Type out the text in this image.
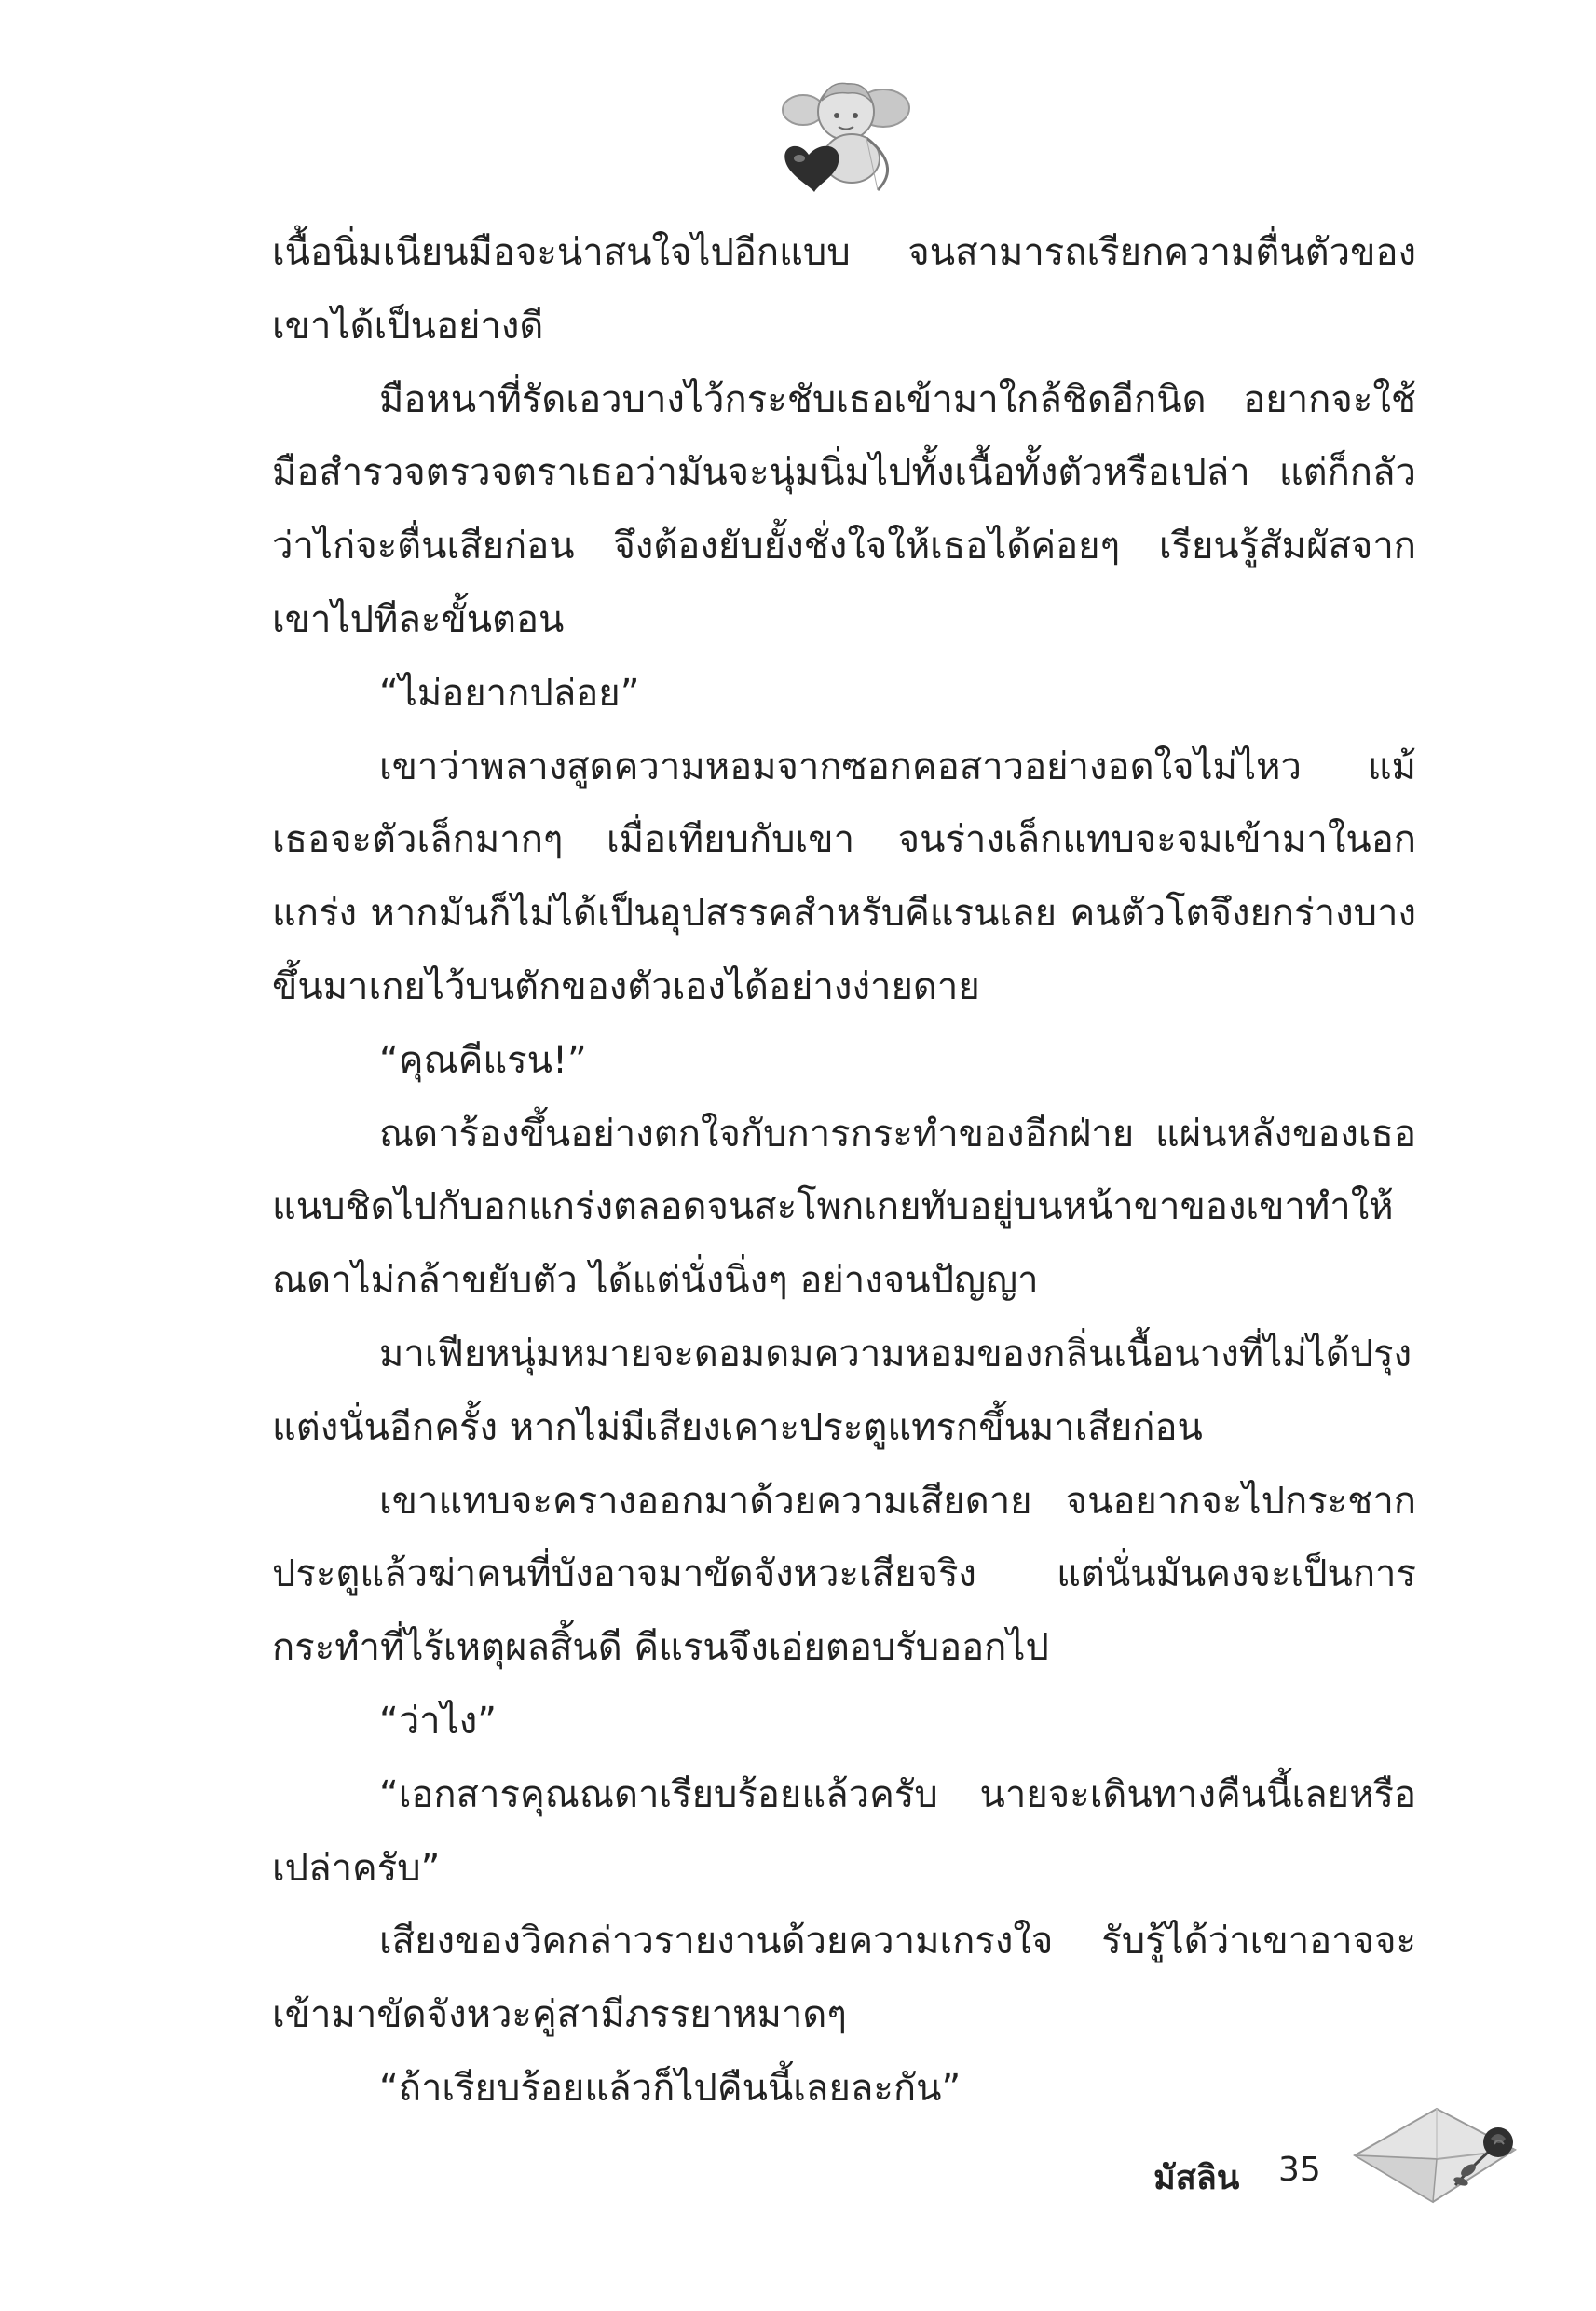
เนื้อนิ่มเนียนมือจะน่าสนใจไปอีกแบบ จนสามารถเรียกความตื่นตัวของเขาได้เป็นอย่างดี

มือหนาที่รัดเอวบางไว้กระชับเธอเข้ามาใกล้ชิดอีกนิด อยากจะใช้มือสำรวจตรวจตราเธอว่ามันจะนุ่มนิ่มไปทั้งเนื้อทั้งตัวหรือเปล่า แต่ก็กลัวว่าไก่จะตื่นเสียก่อน จึงต้องยับยั้งชั่งใจให้เธอได้ค่อยๆ เรียนรู้สัมผัสจากเขาไปทีละขั้นตอน

“ไม่อยากปล่อย”

เขาว่าพลางสูดความหอมจากซอกคอสาวอย่างอดใจไม่ไหว แม้เธอจะตัวเล็กมากๆ เมื่อเทียบกับเขา จนร่างเล็กแทบจะจมเข้ามาในอกแกร่ง หากมันก็ไม่ได้เป็นอุปสรรคสำหรับคีแรนเลย คนตัวโตจึงยกร่างบางขึ้นมาเกยไว้บนตักของตัวเองได้อย่างง่ายดาย

“คุณคีแรน!”

ณดาร้องขึ้นอย่างตกใจกับการกระทำของอีกฝ่าย แผ่นหลังของเธอแนบชิดไปกับอกแกร่งตลอดจนสะโพกเกยทับอยู่บนหน้าขาของเขาทำให้ณดาไม่กล้าขยับตัว ได้แต่นั่งนิ่งๆ อย่างจนปัญญา

มาเฟียหนุ่มหมายจะดอมดมความหอมของกลิ่นเนื้อนางที่ไม่ได้ปรุงแต่งนั่นอีกครั้ง หากไม่มีเสียงเคาะประตูแทรกขึ้นมาเสียก่อน

เขาแทบจะครางออกมาด้วยความเสียดาย จนอยากจะไปกระชากประตูแล้วฆ่าคนที่บังอาจมาขัดจังหวะเสียจริง แต่นั่นมันคงจะเป็นการกระทำที่ไร้เหตุผลสิ้นดี คีแรนจึงเอ่ยตอบรับออกไป

“ว่าไง”

“เอกสารคุณณดาเรียบร้อยแล้วครับ นายจะเดินทางคืนนี้เลยหรือเปล่าครับ”

เสียงของวิคกล่าวรายงานด้วยความเกรงใจ รับรู้ได้ว่าเขาอาจจะเข้ามาขัดจังหวะคู่สามีภรรยาหมาดๆ

“ถ้าเรียบร้อยแล้วก็ไปคืนนี้เลยละกัน”

มัสลิน 35
